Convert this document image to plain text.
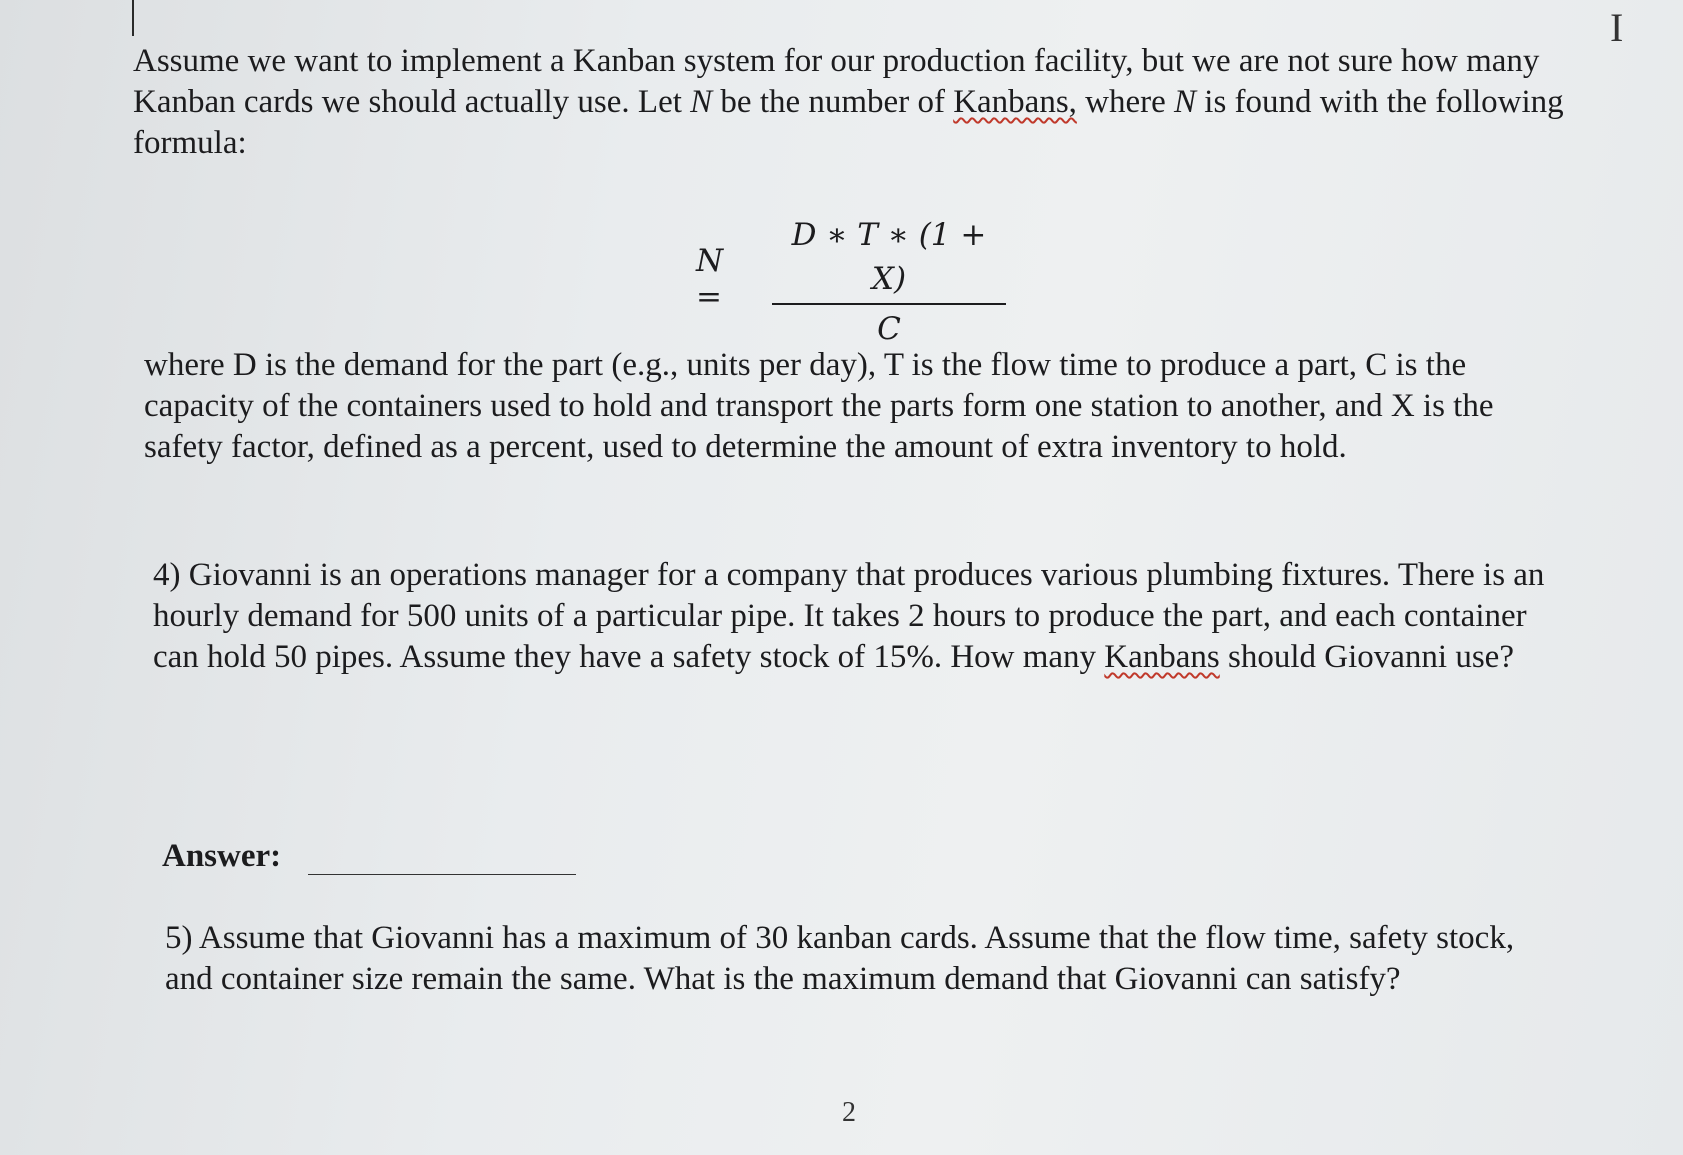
I

Assume we want to implement a Kanban system for our production facility, but we are not sure how many Kanban cards we should actually use. Let N be the number of Kanbans, where N is found with the following formula:

N =
D ∗ T ∗ (1 + X)
C

where D is the demand for the part (e.g., units per day), T is the flow time to produce a part, C is the capacity of the containers used to hold and transport the parts form one station to another, and X is the safety factor, defined as a percent, used to determine the amount of extra inventory to hold.

4) Giovanni is an operations manager for a company that produces various plumbing fixtures. There is an hourly demand for 500 units of a particular pipe. It takes 2 hours to produce the part, and each container can hold 50 pipes. Assume they have a safety stock of 15%. How many Kanbans should Giovanni use?

Answer:

5) Assume that Giovanni has a maximum of 30 kanban cards. Assume that the flow time, safety stock, and container size remain the same. What is the maximum demand that Giovanni can satisfy?

2
